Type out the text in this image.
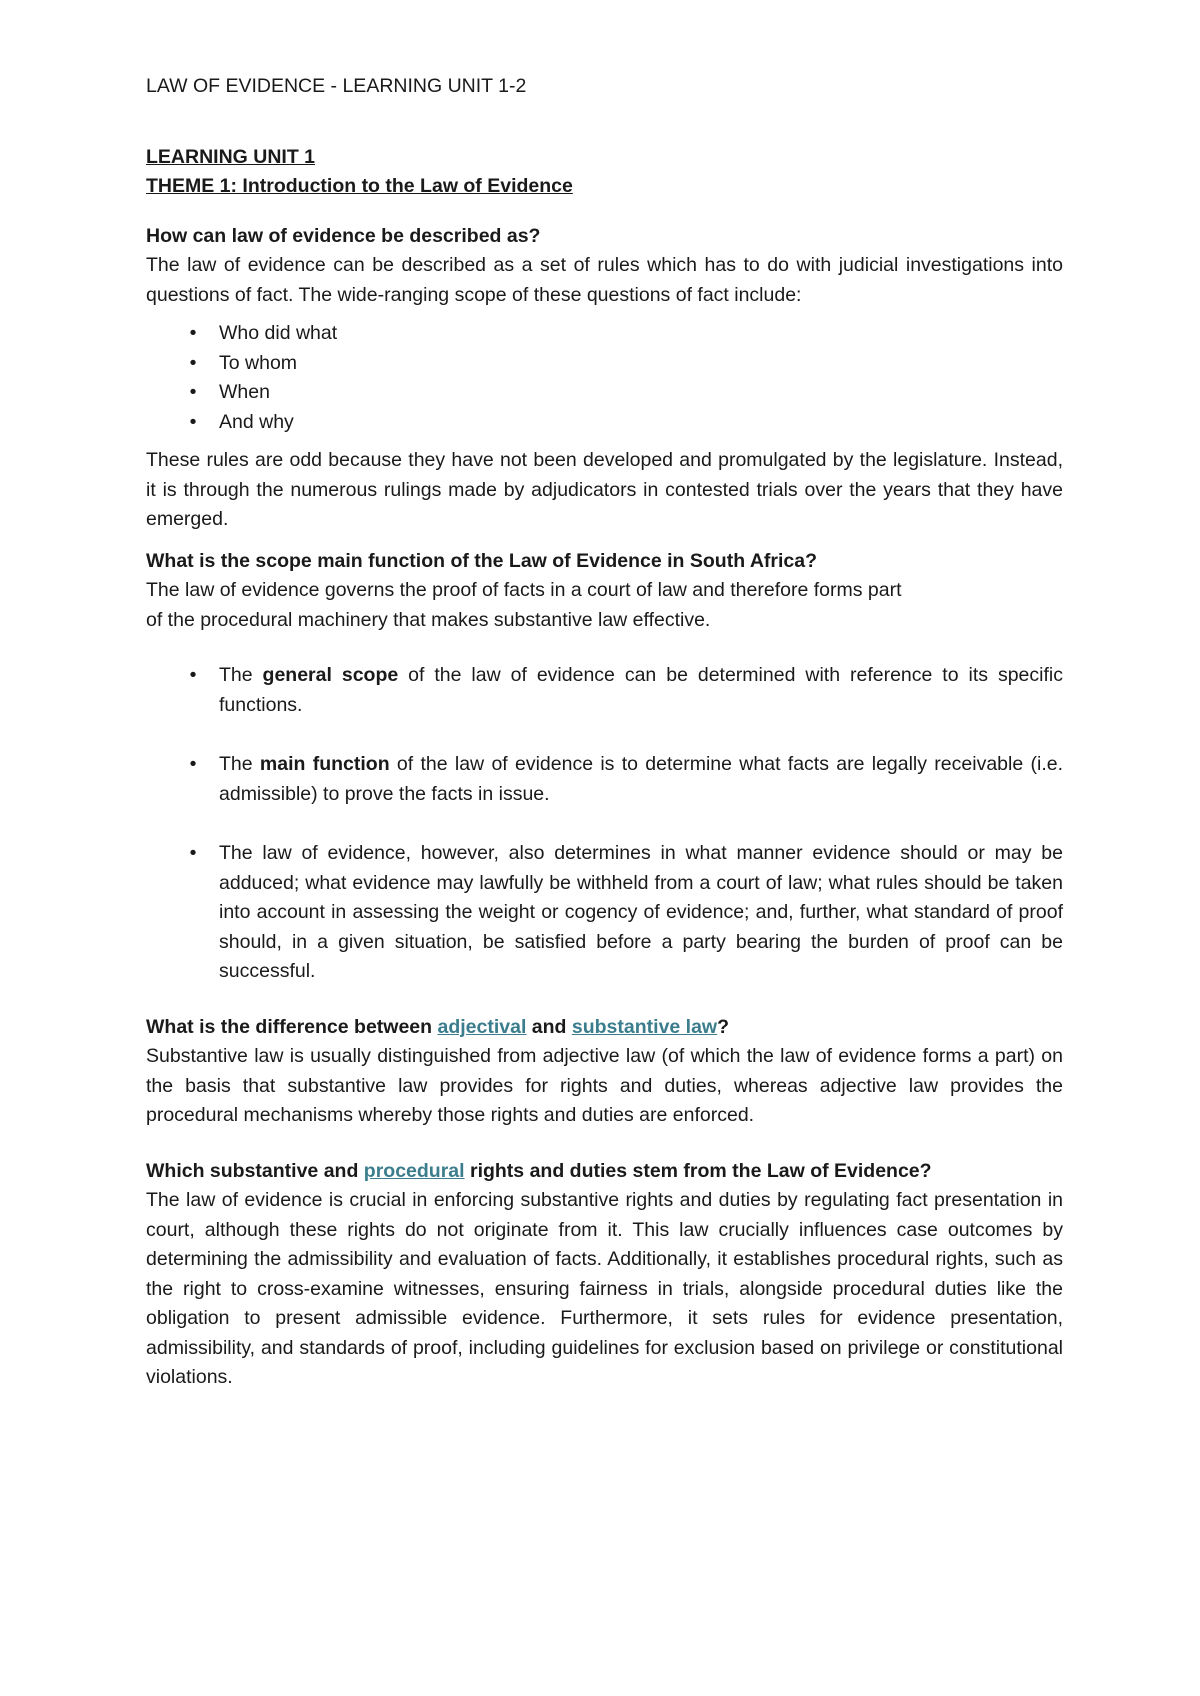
LAW OF EVIDENCE - LEARNING UNIT 1-2

LEARNING UNIT 1

THEME 1: Introduction to the Law of Evidence

How can law of evidence be described as?

The law of evidence can be described as a set of rules which has to do with judicial investigations into questions of fact. The wide-ranging scope of these questions of fact include:

• Who did what
• To whom
• When
• And why

These rules are odd because they have not been developed and promulgated by the legislature. Instead, it is through the numerous rulings made by adjudicators in contested trials over the years that they have emerged.

What is the scope main function of the Law of Evidence in South Africa?

The law of evidence governs the proof of facts in a court of law and therefore forms part

of the procedural machinery that makes substantive law effective.

• The general scope of the law of evidence can be determined with reference to its specific functions.
• The main function of the law of evidence is to determine what facts are legally receivable (i.e. admissible) to prove the facts in issue.
• The law of evidence, however, also determines in what manner evidence should or may be adduced; what evidence may lawfully be withheld from a court of law; what rules should be taken into account in assessing the weight or cogency of evidence; and, further, what standard of proof should, in a given situation, be satisfied before a party bearing the burden of proof can be successful.

What is the difference between adjectival and substantive law?

Substantive law is usually distinguished from adjective law (of which the law of evidence forms a part) on the basis that substantive law provides for rights and duties, whereas adjective law provides the procedural mechanisms whereby those rights and duties are enforced.

Which substantive and procedural rights and duties stem from the Law of Evidence?

The law of evidence is crucial in enforcing substantive rights and duties by regulating fact presentation in court, although these rights do not originate from it. This law crucially influences case outcomes by determining the admissibility and evaluation of facts. Additionally, it establishes procedural rights, such as the right to cross-examine witnesses, ensuring fairness in trials, alongside procedural duties like the obligation to present admissible evidence. Furthermore, it sets rules for evidence presentation, admissibility, and standards of proof, including guidelines for exclusion based on privilege or constitutional violations.
